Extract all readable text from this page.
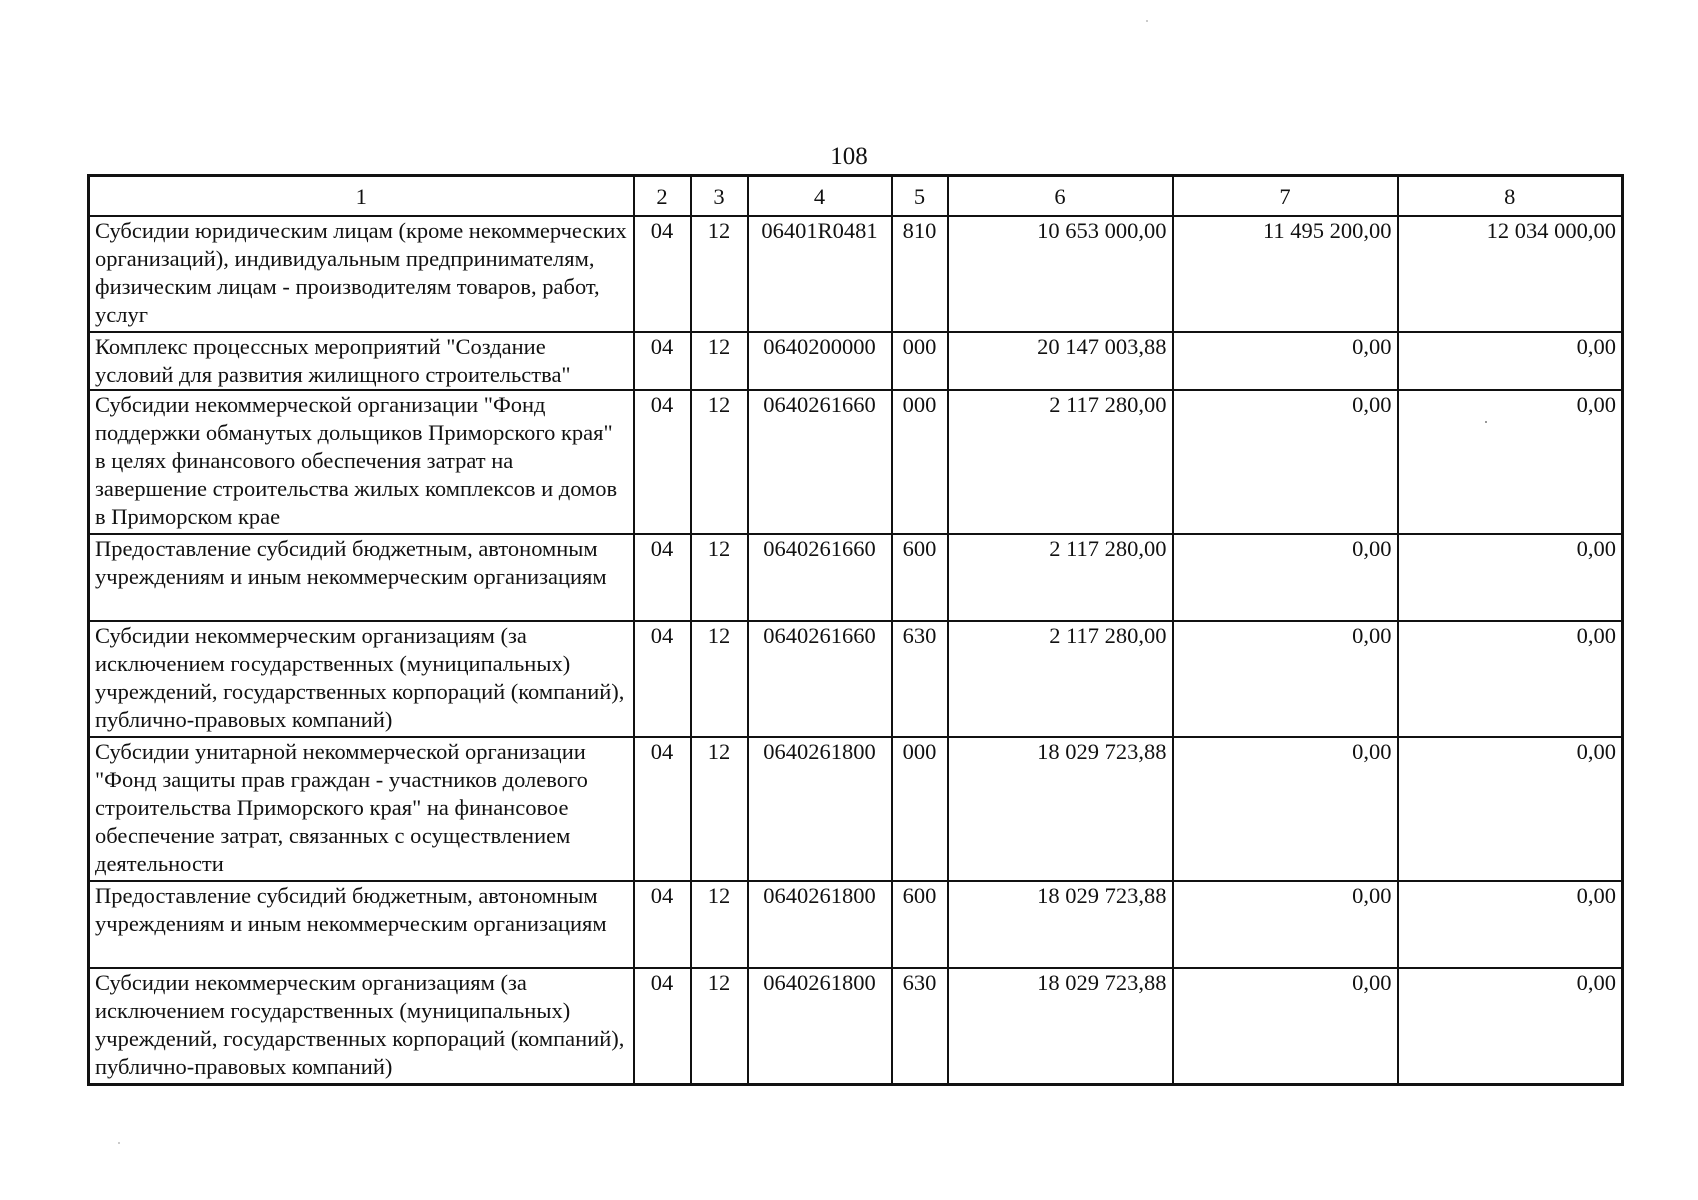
108
1	2	3	4	5	6	7	8
Субсидии юридическим лицам (кроме некоммерческих организаций), индивидуальным предпринимателям, физическим лицам - производителям товаров, работ, услуг	04	12	06401R0481	810	10 653 000,00	11 495 200,00	12 034 000,00
Комплекс процессных мероприятий "Создание условий для развития жилищного строительства"	04	12	0640200000	000	20 147 003,88	0,00	0,00
Субсидии некоммерческой организации "Фонд поддержки обманутых дольщиков Приморского края" в целях финансового обеспечения затрат на завершение строительства жилых комплексов и домов в Приморском крае	04	12	0640261660	000	2 117 280,00	0,00	0,00
Предоставление субсидий бюджетным, автономным учреждениям и иным некоммерческим организациям	04	12	0640261660	600	2 117 280,00	0,00	0,00
Субсидии некоммерческим организациям (за исключением государственных (муниципальных) учреждений, государственных корпораций (компаний), публично-правовых компаний)	04	12	0640261660	630	2 117 280,00	0,00	0,00
Субсидии унитарной некоммерческой организации "Фонд защиты прав граждан - участников долевого строительства Приморского края" на финансовое обеспечение затрат, связанных с осуществлением деятельности	04	12	0640261800	000	18 029 723,88	0,00	0,00
Предоставление субсидий бюджетным, автономным учреждениям и иным некоммерческим организациям	04	12	0640261800	600	18 029 723,88	0,00	0,00
Субсидии некоммерческим организациям (за исключением государственных (муниципальных) учреждений, государственных корпораций (компаний), публично-правовых компаний)	04	12	0640261800	630	18 029 723,88	0,00	0,00
